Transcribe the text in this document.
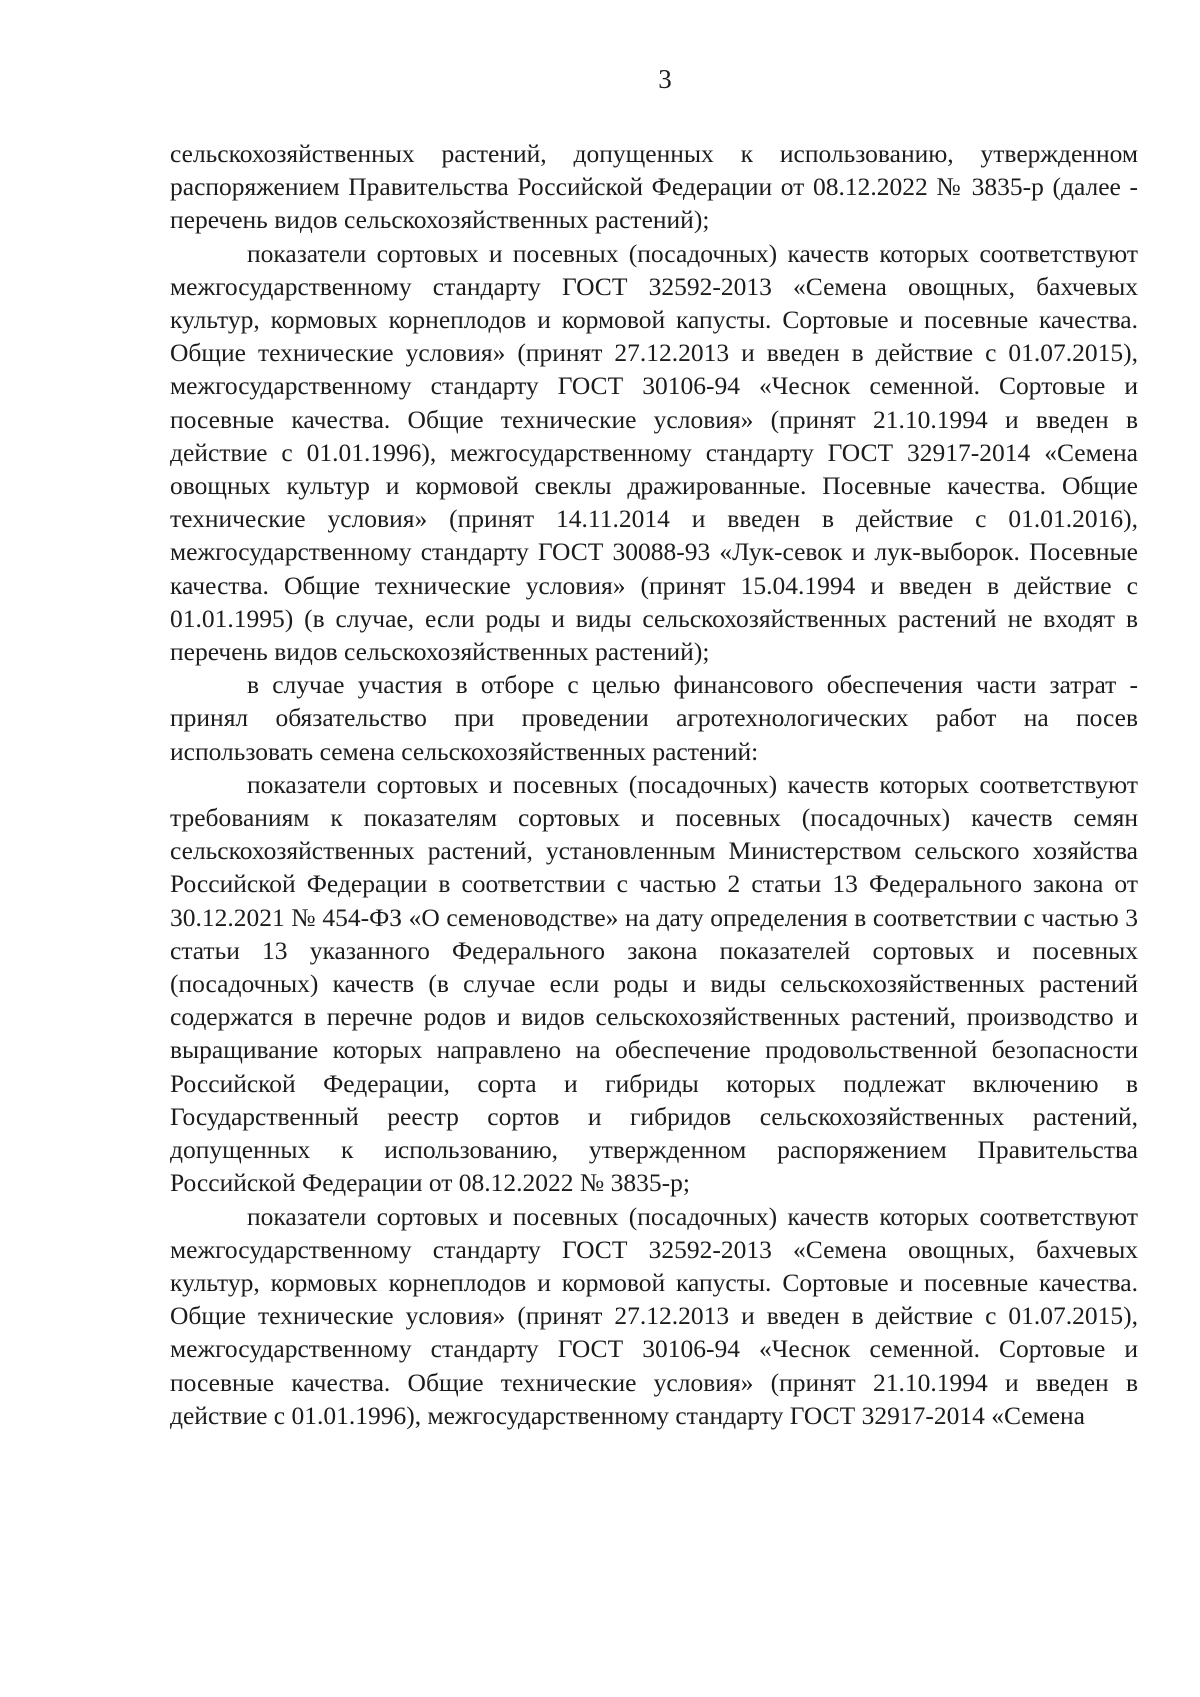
3

сельскохозяйственных растений, допущенных к использованию, утвержденном распоряжением Правительства Российской Федерации от 08.12.2022 № 3835-р (далее - перечень видов сельскохозяйственных растений);

показатели сортовых и посевных (посадочных) качеств которых соответствуют межгосударственному стандарту ГОСТ 32592-2013 «Семена овощных, бахчевых культур, кормовых корнеплодов и кормовой капусты. Сортовые и посевные качества. Общие технические условия» (принят 27.12.2013 и введен в действие с 01.07.2015), межгосударственному стандарту ГОСТ 30106-94 «Чеснок семенной. Сортовые и посевные качества. Общие технические условия» (принят 21.10.1994 и введен в действие с 01.01.1996), межгосударственному стандарту ГОСТ 32917-2014 «Семена овощных культур и кормовой свеклы дражированные. Посевные качества. Общие технические условия» (принят 14.11.2014 и введен в действие с 01.01.2016), межгосударственному стандарту ГОСТ 30088-93 «Лук-севок и лук-выборок. Посевные качества. Общие технические условия» (принят 15.04.1994 и введен в действие с 01.01.1995) (в случае, если роды и виды сельскохозяйственных растений не входят в перечень видов сельскохозяйственных растений);

в случае участия в отборе с целью финансового обеспечения части затрат - принял обязательство при проведении агротехнологических работ на посев использовать семена сельскохозяйственных растений:

показатели сортовых и посевных (посадочных) качеств которых соответствуют требованиям к показателям сортовых и посевных (посадочных) качеств семян сельскохозяйственных растений, установленным Министерством сельского хозяйства Российской Федерации в соответствии с частью 2 статьи 13 Федерального закона от 30.12.2021 № 454-ФЗ «О семеноводстве» на дату определения в соответствии с частью 3 статьи 13 указанного Федерального закона показателей сортовых и посевных (посадочных) качеств (в случае если роды и виды сельскохозяйственных растений содержатся в перечне родов и видов сельскохозяйственных растений, производство и выращивание которых направлено на обеспечение продовольственной безопасности Российской Федерации, сорта и гибриды которых подлежат включению в Государственный реестр сортов и гибридов сельскохозяйственных растений, допущенных к использованию, утвержденном распоряжением Правительства Российской Федерации от 08.12.2022 № 3835-р;

показатели сортовых и посевных (посадочных) качеств которых соответствуют межгосударственному стандарту ГОСТ 32592-2013 «Семена овощных, бахчевых культур, кормовых корнеплодов и кормовой капусты. Сортовые и посевные качества. Общие технические условия» (принят 27.12.2013 и введен в действие с 01.07.2015), межгосударственному стандарту ГОСТ 30106-94 «Чеснок семенной. Сортовые и посевные качества. Общие технические условия» (принят 21.10.1994 и введен в действие с 01.01.1996), межгосударственному стандарту ГОСТ 32917-2014 «Семена
